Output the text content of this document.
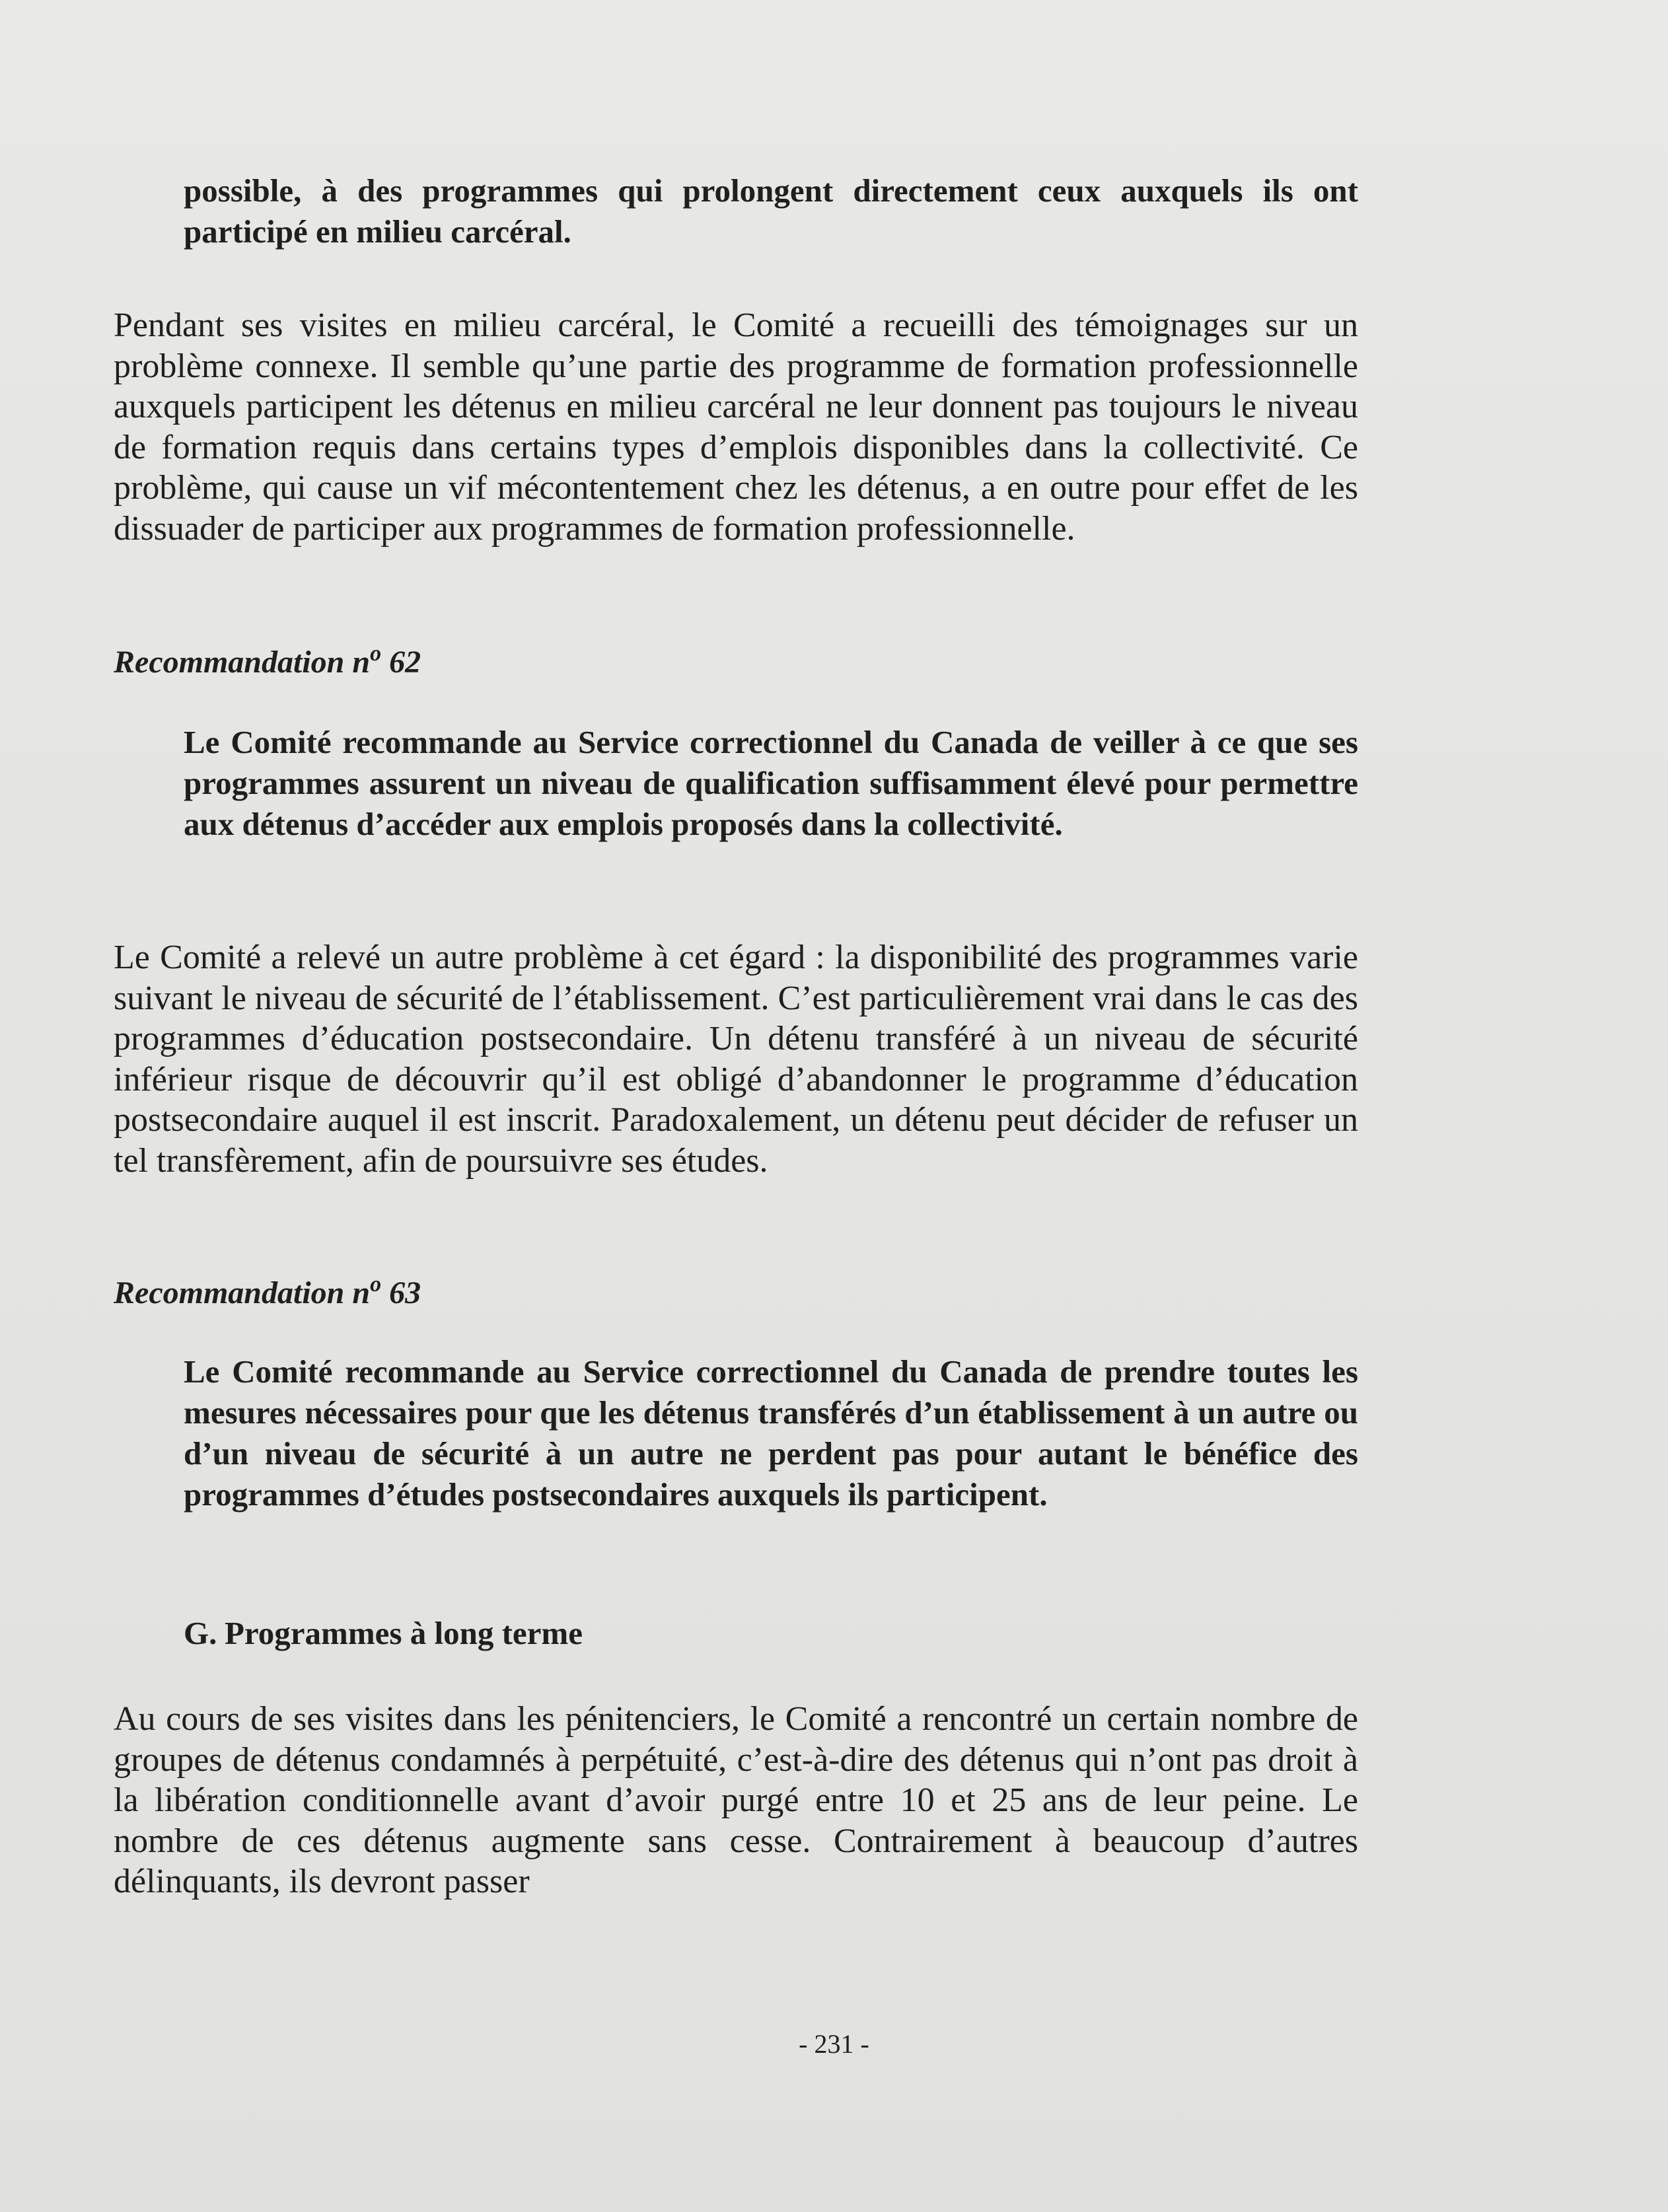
possible, à des programmes qui prolongent directement ceux auxquels ils ont participé en milieu carcéral.

Pendant ses visites en milieu carcéral, le Comité a recueilli des témoignages sur un problème connexe. Il semble qu’une partie des programme de formation professionnelle auxquels participent les détenus en milieu carcéral ne leur donnent pas toujours le niveau de formation requis dans certains types d’emplois disponibles dans la collectivité. Ce problème, qui cause un vif mécontentement chez les détenus, a en outre pour effet de les dissuader de participer aux programmes de formation professionnelle.

Recommandation $n^o$ 62

Le Comité recommande au Service correctionnel du Canada de veiller à ce que ses programmes assurent un niveau de qualification suffisamment élevé pour permettre aux détenus d’accéder aux emplois proposés dans la collectivité.

Le Comité a relevé un autre problème à cet égard : la disponibilité des programmes varie suivant le niveau de sécurité de l’établissement. C’est particulièrement vrai dans le cas des programmes d’éducation postsecondaire. Un détenu transféré à un niveau de sécurité inférieur risque de découvrir qu’il est obligé d’abandonner le programme d’éducation postsecondaire auquel il est inscrit. Paradoxalement, un détenu peut décider de refuser un tel transfèrement, afin de poursuivre ses études.

Recommandation $n^o$ 63

Le Comité recommande au Service correctionnel du Canada de prendre toutes les mesures nécessaires pour que les détenus transférés d’un établissement à un autre ou d’un niveau de sécurité à un autre ne perdent pas pour autant le bénéfice des programmes d’études postsecondaires auxquels ils participent.

G. Programmes à long terme

Au cours de ses visites dans les pénitenciers, le Comité a rencontré un certain nombre de groupes de détenus condamnés à perpétuité, c’est-à-dire des détenus qui n’ont pas droit à la libération conditionnelle avant d’avoir purgé entre 10 et 25 ans de leur peine. Le nombre de ces détenus augmente sans cesse. Contrairement à beaucoup d’autres délinquants, ils devront passer

- 231 -
